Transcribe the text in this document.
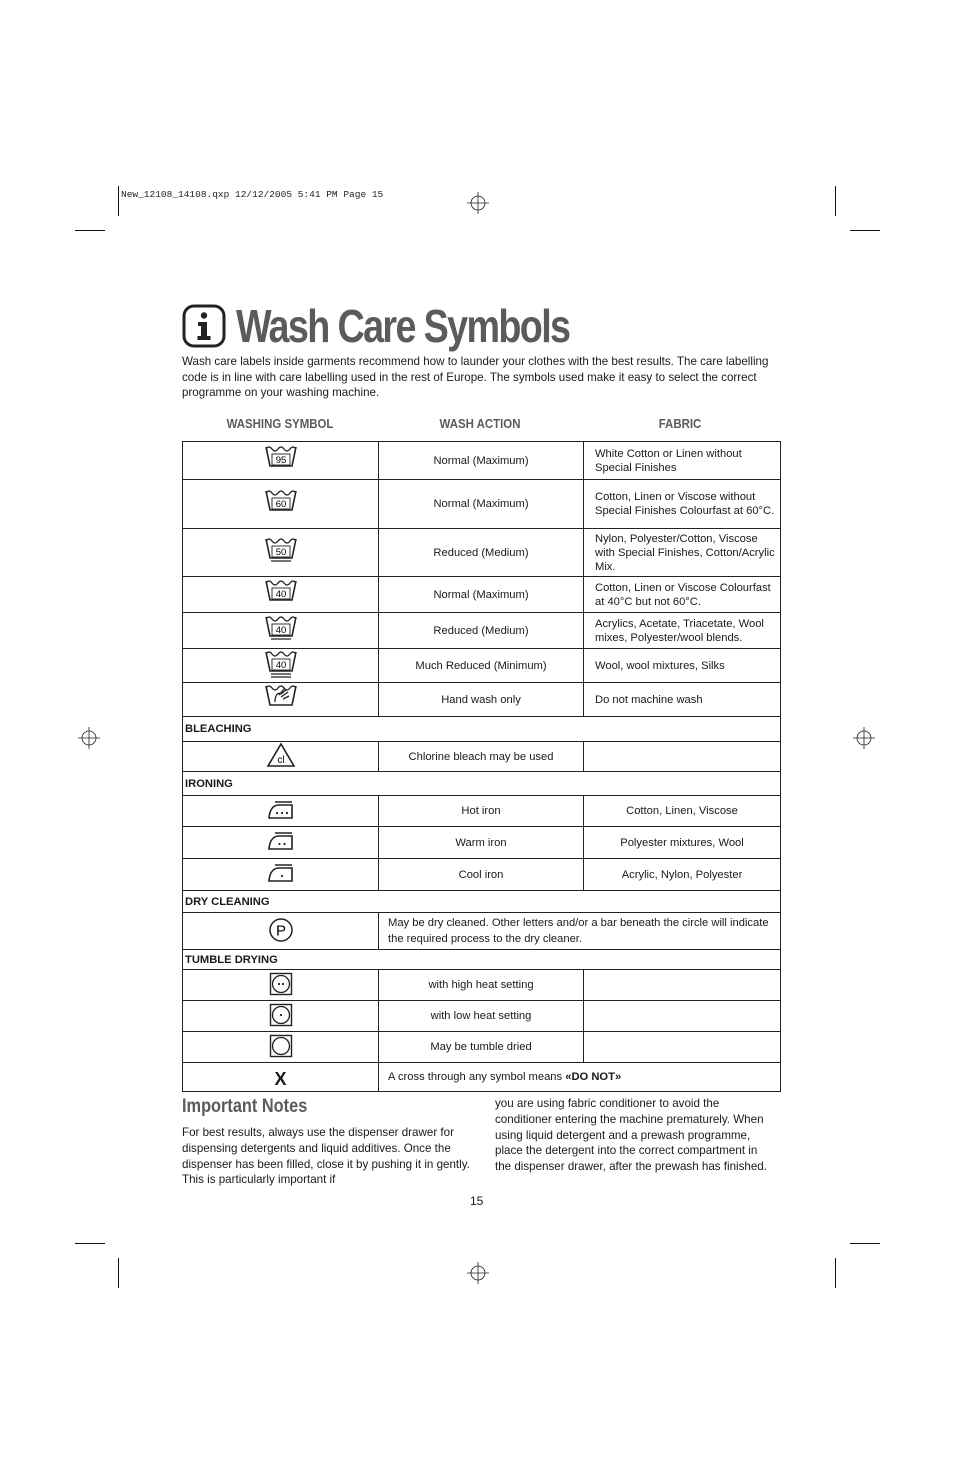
New_12108_14108.qxp 12/12/2005 5:41 PM Page 15
Wash Care Symbols
Wash care labels inside garments recommend how to launder your clothes with the best results. The care labelling code is in line with care labelling used in the rest of Europe. The symbols used make it easy to select the correct programme on your washing machine.
WASHING SYMBOL	WASH ACTION	FABRIC
95	Normal (Maximum)	White Cotton or Linen without Special Finishes

60	Normal (Maximum)	Cotton, Linen or Viscose without Special Finishes Colourfast at 60°C.

50	Reduced (Medium)	Nylon, Polyester/Cotton, Viscose with Special Finishes, Cotton/Acrylic Mix.

40	Normal (Maximum)	Cotton, Linen or Viscose Colourfast at 40°C but not 60°C.

40	Reduced (Medium)	Acrylics, Acetate, Triacetate, Wool mixes, Polyester/wool blends.

40	Much Reduced (Minimum)	Wool, wool mixtures, Silks

	Hand wash only	Do not machine wash
BLEACHING		

cl	Chlorine bleach may be used	
IRONING		

	Hot iron	Cotton, Linen, Viscose

	Warm iron	Polyester mixtures, Wool

	Cool iron	Acrylic, Nylon, Polyester
DRY CLEANING		

P	May be dry cleaned. Other letters and/or a bar beneath the circle will indicate the required process to the dry cleaner.	
TUMBLE DRYING		

	with high heat setting	

	with low heat setting	

	May be tumble dried	
X	A cross through any symbol means «DO NOT»	
Important Notes
For best results, always use the dispenser drawer for dispensing detergents and liquid additives. Once the dispenser has been filled, close it by pushing it in gently. This is particularly important if
you are using fabric conditioner to avoid the conditioner entering the machine prematurely. When using liquid detergent and a prewash programme, place the detergent into the correct compartment in the dispenser drawer, after the prewash has finished.
15
